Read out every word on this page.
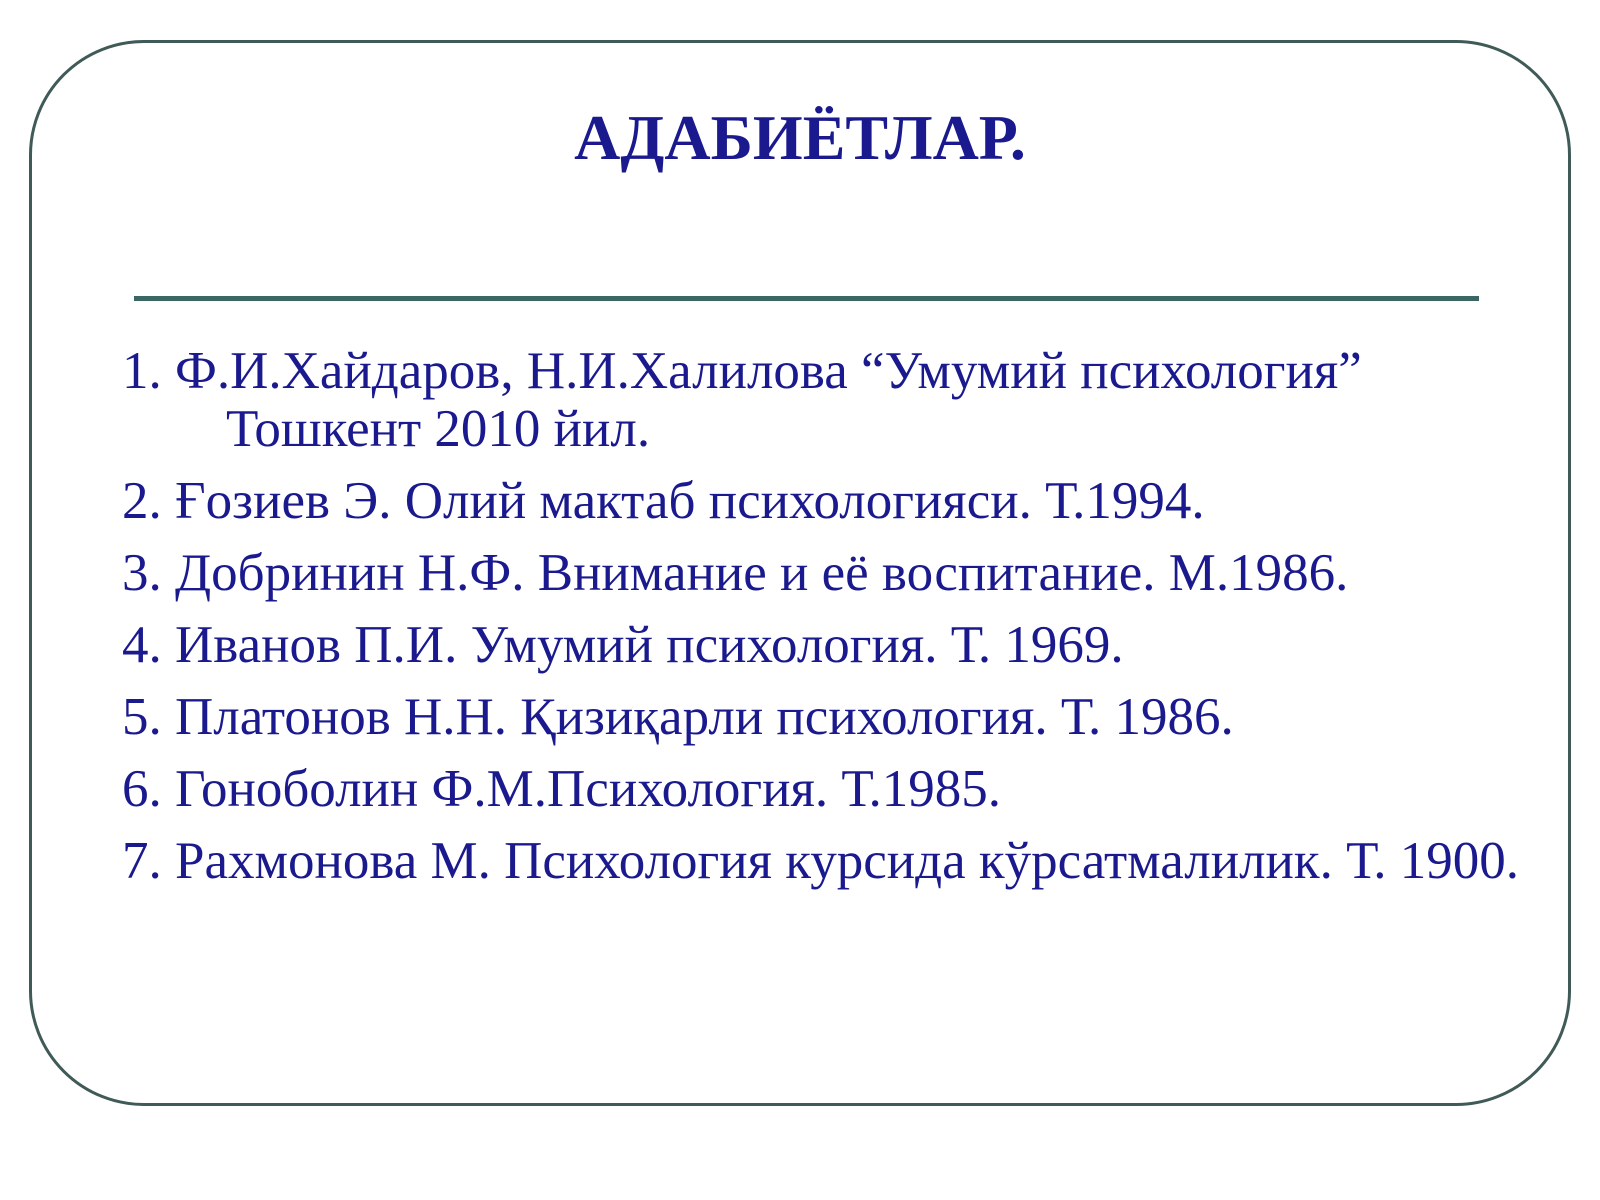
АДАБИЁТЛАР.
1. Ф.И.Хайдаров, Н.И.Халилова “Умумий психология” Тошкент 2010 йил.
2. Ғозиев Э. Олий мактаб психологияси. Т.1994.
3. Добринин Н.Ф. Внимание и её воспитание. М.1986.
4. Иванов П.И. Умумий психология. Т. 1969.
5. Платонов Н.Н. Қизиқарли психология. Т. 1986.
6. Гоноболин Ф.М.Психология. Т.1985.
7. Рахмонова М. Психология курсида кўрсатмалилик. Т. 1900.
